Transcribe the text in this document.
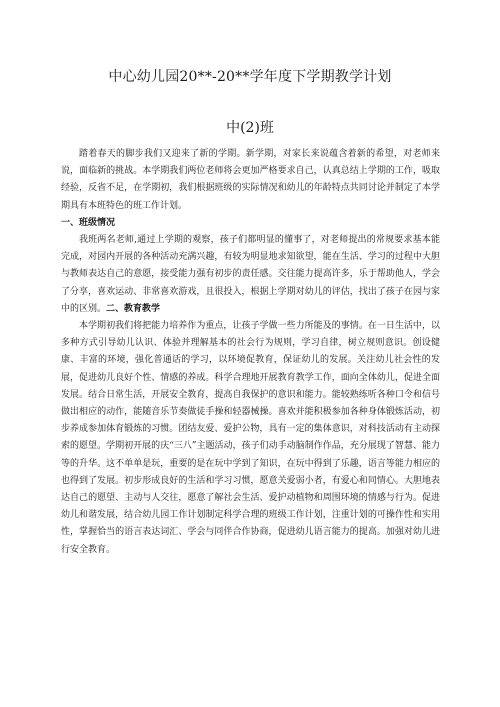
中心幼儿园20**-20**学年度下学期教学计划
中(2)班

踏着春天的脚步我们又迎来了新的学期。新学期，对家长来说蕴含着新的希望，对老师来说，面临新的挑战。本学期我们两位老师将会更加严格要求自己，认真总结上学期的工作，吸取经验，反省不足，在学期初，我们根据班级的实际情况和幼儿的年龄特点共同讨论并制定了本学期具有本班特色的班工作计划。

一、班级情况

我班两名老师,通过上学期的观察，孩子们都明显的懂事了，对老师提出的常规要求基本能完成，对园内开展的各种活动充满兴趣，有较为明显地求知欲望，能在生活、学习的过程中大胆与教师表达自己的意愿，接受能力强有初步的责任感。交往能力提高许多，乐于帮助他人，学会了分享，喜欢运动、非常喜欢游戏，且很投入，根据上学期对幼儿的评估，找出了孩子在园与家中的区别。二、教育教学

本学期初我们将把能力培养作为重点，让孩子学做一些力所能及的事情。在一日生活中，以多种方式引导幼儿认识、体验并理解基本的社会行为规则，学习自律，树立规则意识。创设健康、丰富的环境，强化普通话的学习，以环境促教育，保证幼儿的发展。关注幼儿社会性的发展，促进幼儿良好个性、情感的养成。科学合理地开展教育教学工作，面向全体幼儿，促进全面发展。结合日常生活，开展安全教育，提高自我保护的意识和能力。能较熟练听各种口令和信号做出相应的动作，能随音乐节奏做徒手操和轻器械操。喜欢并能积极参加各种身体锻炼活动，初步养成参加体育锻炼的习惯。团结友爱、爱护公物，具有一定的集体意识，对科技活动有主动探索的愿望。学期初开展的庆“三八”主题活动，孩子们动手动脑制作作品，充分展现了智慧、能力等的升华。这不单单是玩，重要的是在玩中学到了知识，在玩中得到了乐趣，语言等能力相应的也得到了发展。初步形成良好的生活和学习习惯，愿意关爱弱小者，有爱心和同情心。大胆地表达自己的愿望、主动与人交往，愿意了解社会生活、爱护动植物和周围环境的情感与行为。促进幼儿和谐发展，结合幼儿园工作计划制定科学合理的班级工作计划，注重计划的可操作性和实用性，掌握恰当的语言表达词汇、学会与同伴合作协商，促进幼儿语言能力的提高。加强对幼儿进行安全教育。
